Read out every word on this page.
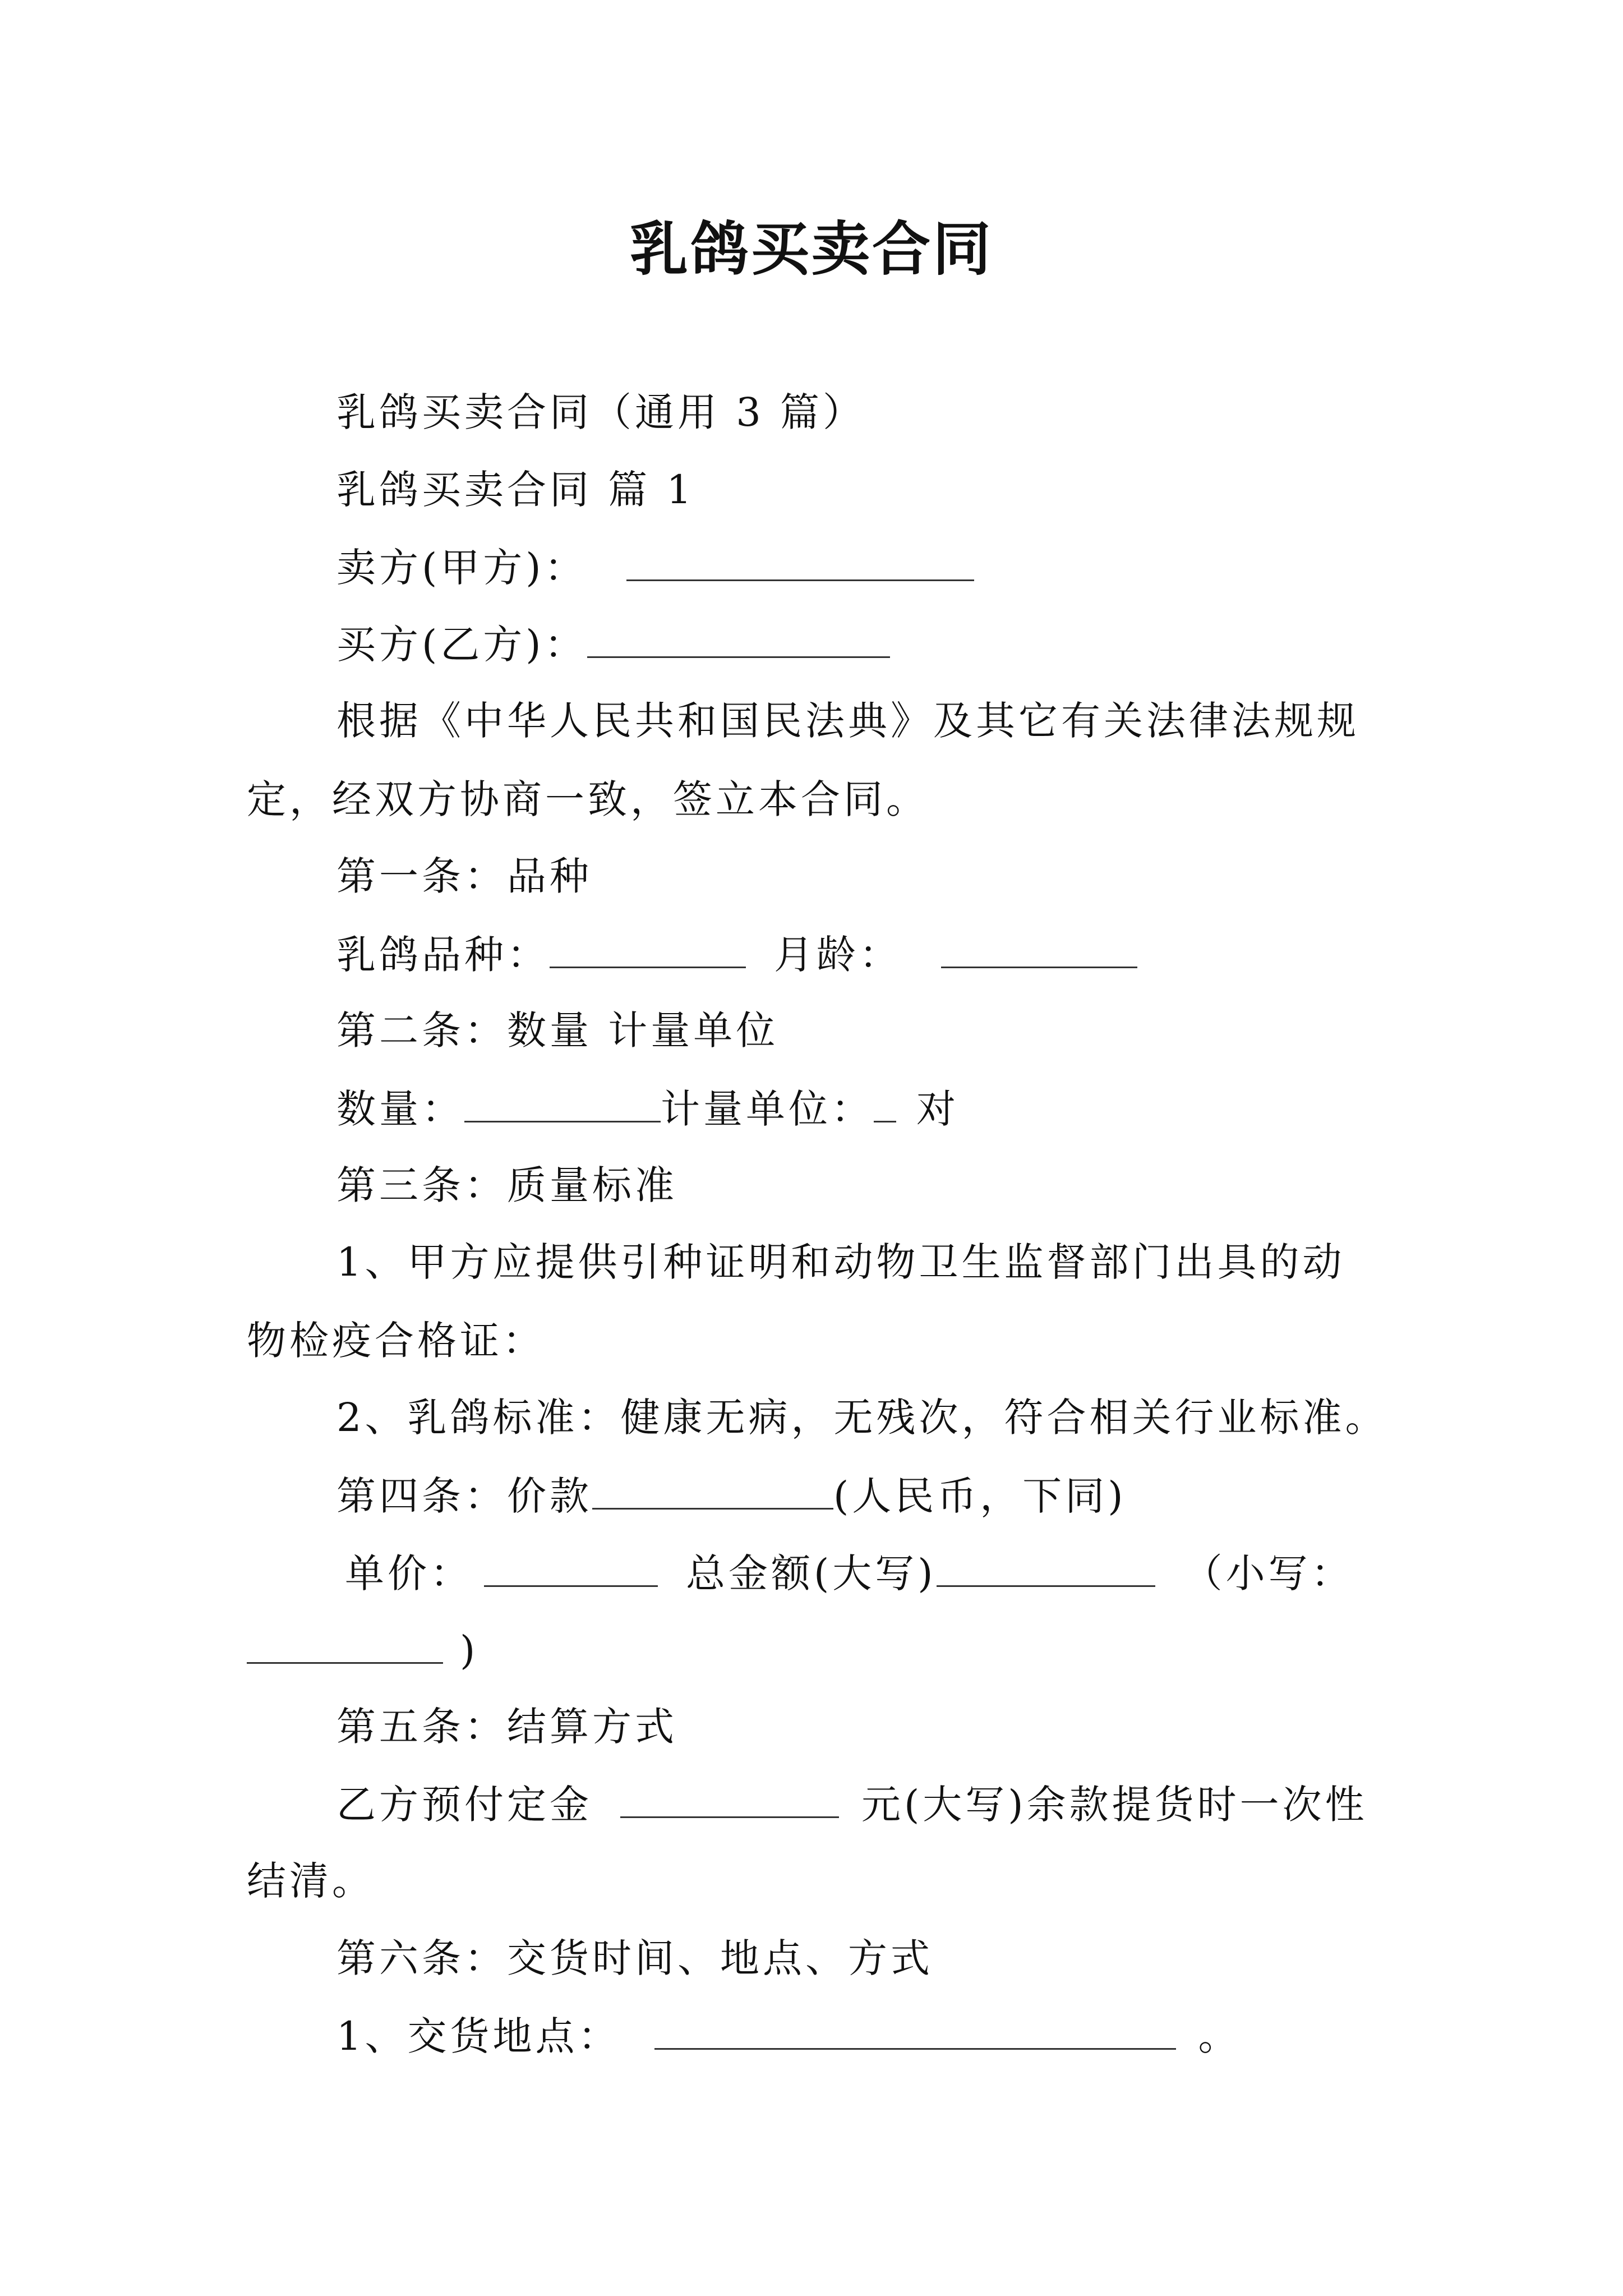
乳鸽买卖合同
乳鸽买卖合同（通用 3 篇）
乳鸽买卖合同 篇 1
卖方(甲方)：
买方(乙方)：
根据《中华人民共和国民法典》及其它有关法律法规规
定，经双方协商一致，签立本合同。
第一条：品种
乳鸽品种：	月龄：
第二条：数量 计量单位
数量：	计量单位： 对
第三条：质量标准
1、甲方应提供引种证明和动物卫生监督部门出具的动
物检疫合格证：
2、乳鸽标准：健康无病，无残次，符合相关行业标准。
第四条：价款	(人民币，下同)
单价：	总金额(大写)	（小写：
)
第五条：结算方式
乙方预付定金	元(大写)余款提货时一次性
结清。
第六条：交货时间、地点、方式
1、交货地点：	。
